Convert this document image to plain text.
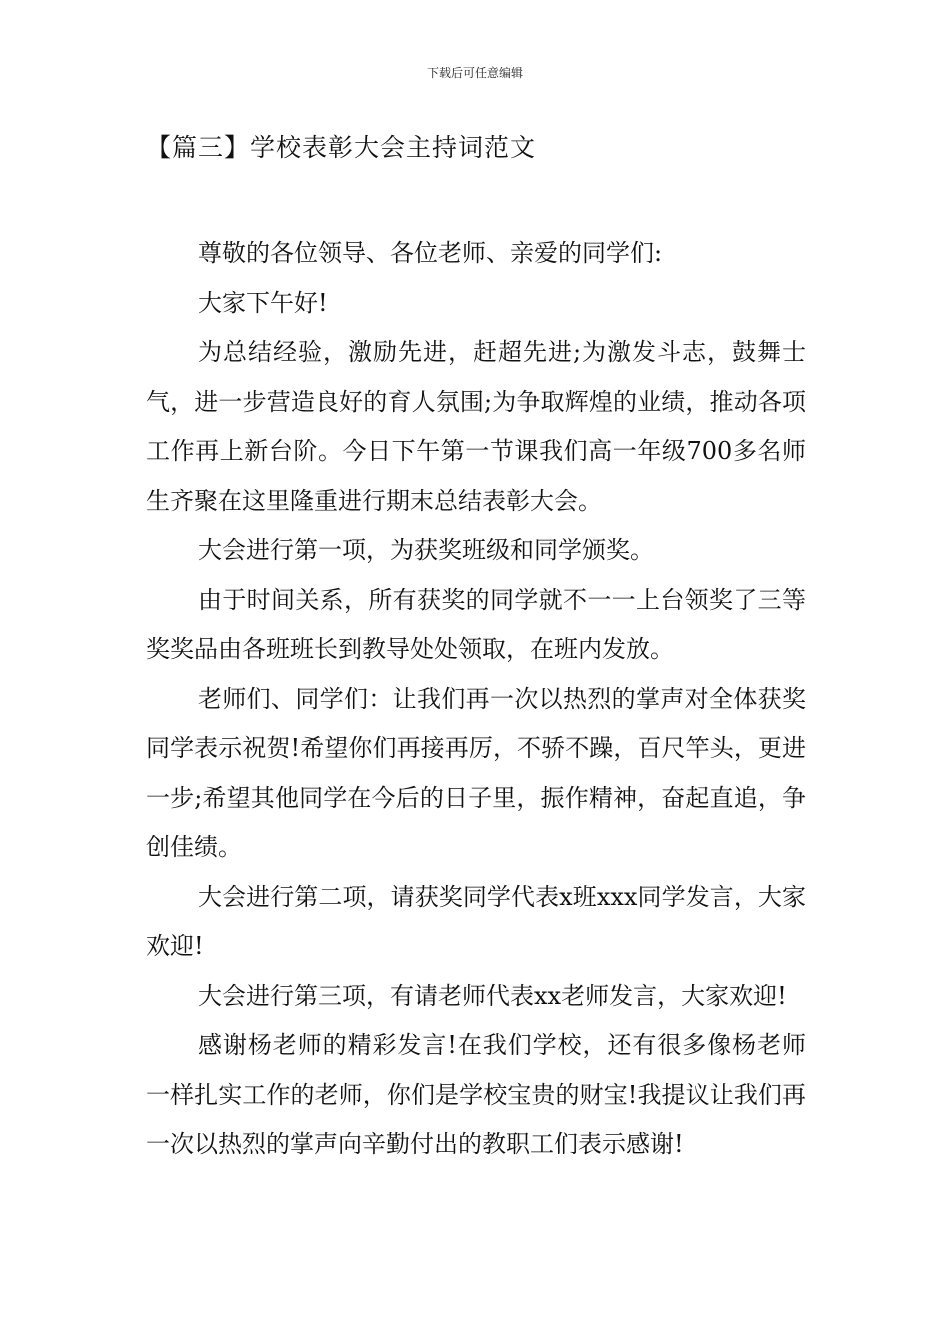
下载后可任意编辑
【篇三】学校表彰大会主持词范文

尊敬的各位领导、各位老师、亲爱的同学们:

大家下午好!

为总结经验，激励先进，赶超先进;为激发斗志，鼓舞士气，进一步营造良好的育人氛围;为争取辉煌的业绩，推动各项工作再上新台阶。今日下午第一节课我们高一年级700多名师生齐聚在这里隆重进行期末总结表彰大会。

大会进行第一项，为获奖班级和同学颁奖。

由于时间关系，所有获奖的同学就不一一上台领奖了三等奖奖品由各班班长到教导处处领取，在班内发放。

老师们、同学们：让我们再一次以热烈的掌声对全体获奖同学表示祝贺!希望你们再接再厉，不骄不躁，百尺竿头，更进一步;希望其他同学在今后的日子里，振作精神，奋起直追，争创佳绩。

大会进行第二项，请获奖同学代表x班xxx同学发言，大家欢迎!

大会进行第三项，有请老师代表xx老师发言，大家欢迎!

感谢杨老师的精彩发言!在我们学校，还有很多像杨老师一样扎实工作的老师，你们是学校宝贵的财宝!我提议让我们再一次以热烈的掌声向辛勤付出的教职工们表示感谢!
